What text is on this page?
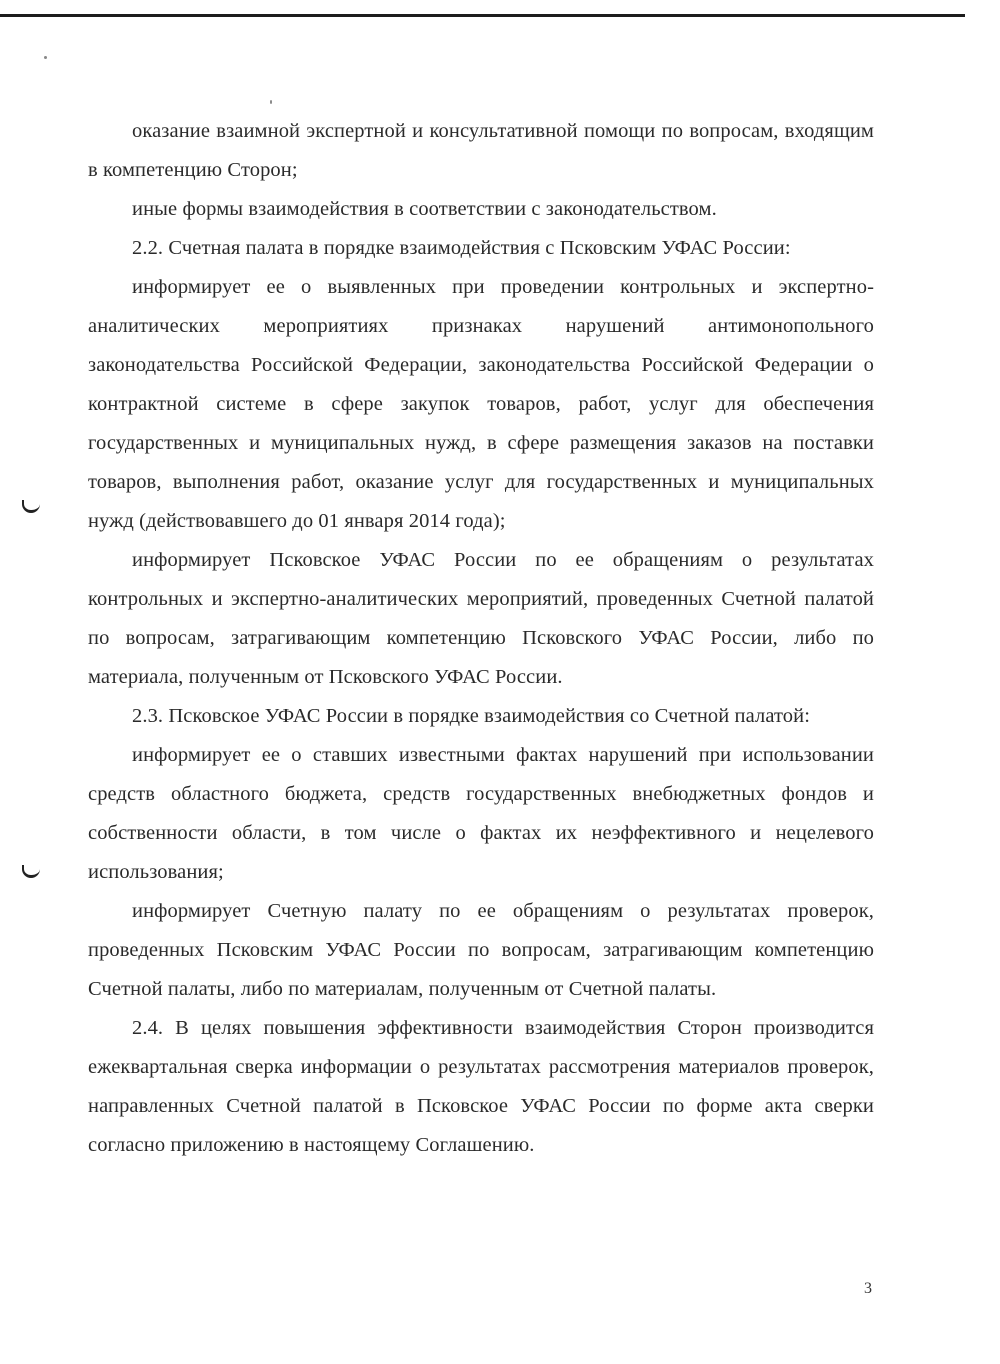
оказание взаимной экспертной и консультативной помощи по вопросам, входящим в компетенцию Сторон;

иные формы взаимодействия в соответствии с законодательством.

2.2. Счетная палата в порядке взаимодействия с Псковским УФАС России:

информирует ее о выявленных при проведении контрольных и экспертно-аналитических мероприятиях признаках нарушений антимонопольного законодательства Российской Федерации, законодательства Российской Федерации о контрактной системе в сфере закупок товаров, работ, услуг для обеспечения государственных и муниципальных нужд, в сфере размещения заказов на поставки товаров, выполнения работ, оказание услуг для государственных и муниципальных нужд (действовавшего до 01 января 2014 года);

информирует Псковское УФАС России по ее обращениям о результатах контрольных и экспертно-аналитических мероприятий, проведенных Счетной палатой по вопросам, затрагивающим компетенцию Псковского УФАС России, либо по материала, полученным от Псковского УФАС России.

2.3. Псковское УФАС России в порядке взаимодействия со Счетной палатой:

информирует ее о ставших известными фактах нарушений при использовании средств областного бюджета, средств государственных внебюджетных фондов и собственности области, в том числе о фактах их неэффективного и нецелевого использования;

информирует Счетную палату по ее обращениям о результатах проверок, проведенных Псковским УФАС России по вопросам, затрагивающим компетенцию Счетной палаты, либо по материалам, полученным от Счетной палаты.

2.4. В целях повышения эффективности взаимодействия Сторон производится ежеквартальная сверка информации о результатах рассмотрения материалов проверок, направленных Счетной палатой в Псковское УФАС России по форме акта сверки согласно приложению в настоящему Соглашению.

3
